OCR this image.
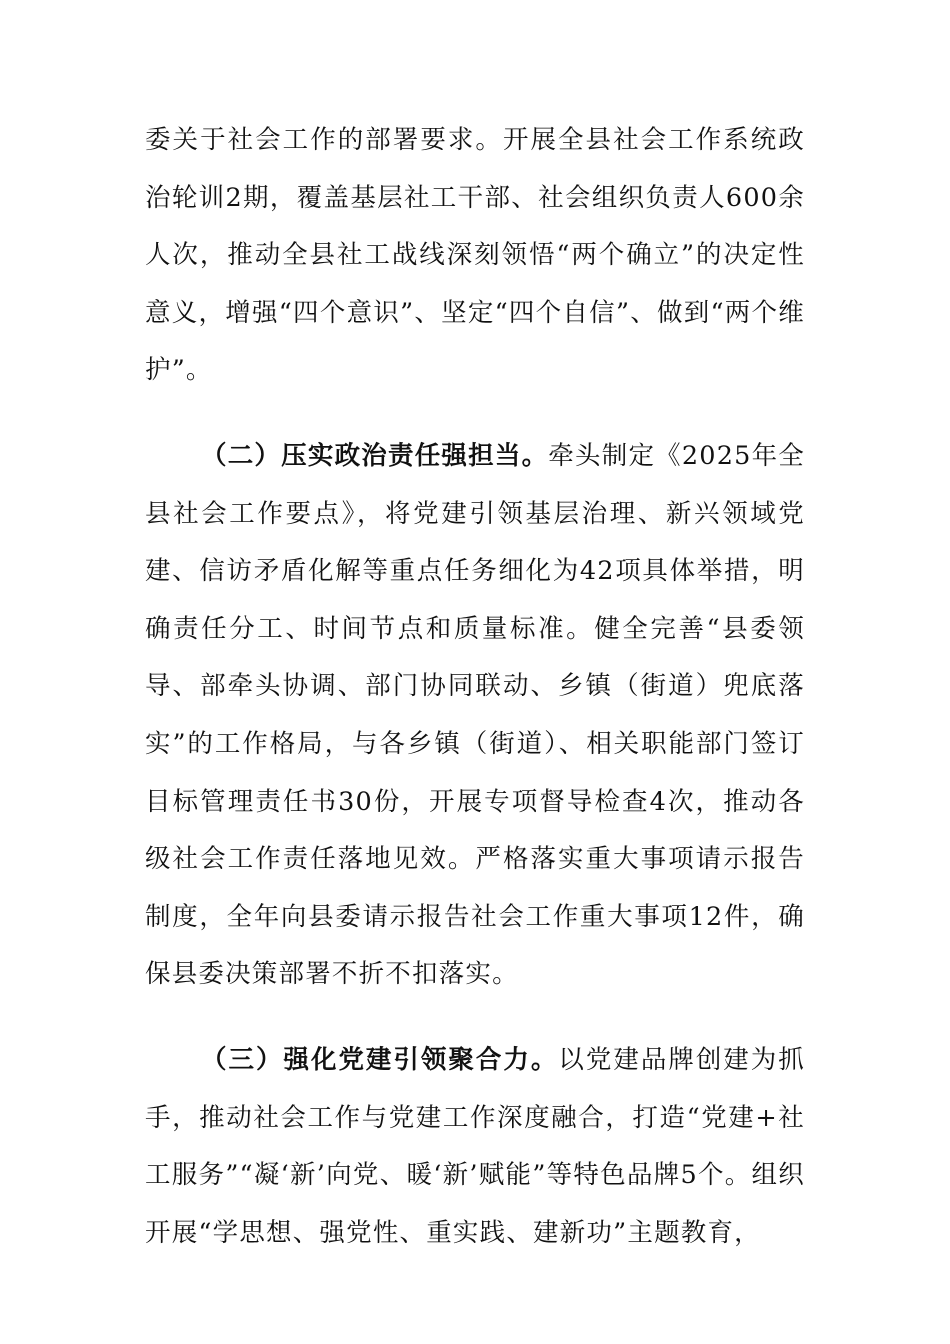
委关于社会工作的部署要求。开展全县社会工作系统政治轮训2期，覆盖基层社工干部、社会组织负责人600余人次，推动全县社工战线深刻领悟“两个确立”的决定性意义，增强“四个意识”、坚定“四个自信”、做到“两个维护”。

（二）压实政治责任强担当。牵头制定《2025年全县社会工作要点》，将党建引领基层治理、新兴领域党建、信访矛盾化解等重点任务细化为42项具体举措，明确责任分工、时间节点和质量标准。健全完善“县委领导、部牵头协调、部门协同联动、乡镇（街道）兜底落实”的工作格局，与各乡镇（街道）、相关职能部门签订目标管理责任书30份，开展专项督导检查4次，推动各级社会工作责任落地见效。严格落实重大事项请示报告制度，全年向县委请示报告社会工作重大事项12件，确保县委决策部署不折不扣落实。

（三）强化党建引领聚合力。以党建品牌创建为抓手，推动社会工作与党建工作深度融合，打造“党建+社工服务”“凝‘新’向党、暖‘新’赋能”等特色品牌5个。组织开展“学思想、强党性、重实践、建新功”主题教育，
